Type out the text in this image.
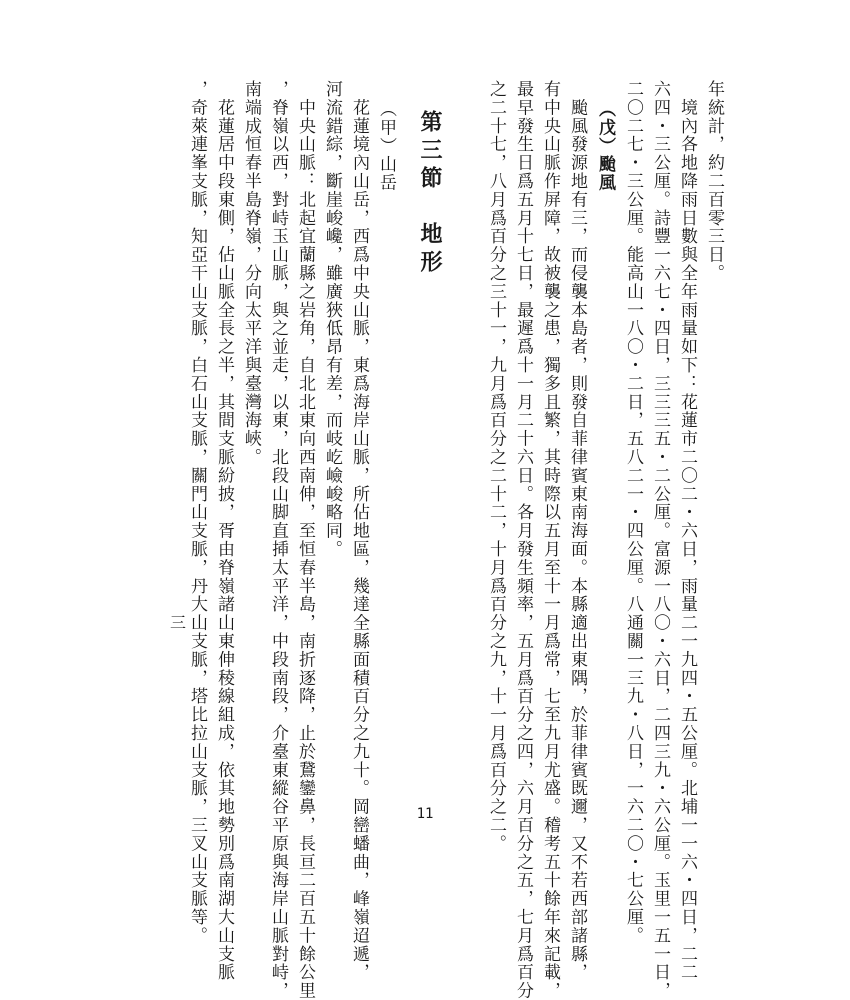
年統計，約二百零三日。
　境內各地降雨日數與全年雨量如下：花蓮市二〇二・六日，雨量二一九四・五公厘。北埔一一六・四日，二二
六四・三公厘。詩豐一六七・四日，三三三五・二公厘。富源一八〇・六日，二四三九・六公厘。玉里一五一日，
二〇二七・三公厘。能高山一八〇・二日，五八二一・四公厘。八通關一三九・八日，一六二〇・七公厘。
（戊）颱風
　颱風發源地有三，而侵襲本島者，則發自菲律賓東南海面。本縣適出東隅，於菲律賓既邇，又不若西部諸縣，
有中央山脈作屏障，故被襲之患，獨多且繁，其時際以五月至十一月爲常，七至九月尤盛。稽考五十餘年來記載，
最早發生日爲五月十七日，最遲爲十一月二十六日。各月發生頻率，五月爲百分之四，六月百分之五，七月爲百分
之二十七，八月爲百分之三十一，九月爲百分之二十二，十月爲百分之九，十一月爲百分之二。
第三節　地形
（甲）山岳
　花蓮境內山岳，西爲中央山脈，東爲海岸山脈，所佔地區，幾達全縣面積百分之九十。岡巒蟠曲，峰嶺迢遞，
河流錯綜，斷崖峻巉，雖廣狹低昂有差，而岐屹嶮峻略同。
　中央山脈：北起宜蘭縣之岩角，自北北東向西南伸，至恒春半島，南折逐降，止於鵞鑾鼻，長亘二百五十餘公里
，脊嶺以西，對峙玉山脈，與之並走，以東，北段山脚直揷太平洋，中段南段，介臺東縱谷平原與海岸山脈對峙，
南端成恒春半島脊嶺，分向太平洋與臺灣海峽。
　花蓮居中段東側，佔山脈全長之半，其間支脈紛披，胥由脊嶺諸山東伸稜線組成，依其地勢別爲南湖大山支脈
，奇萊連峯支脈，知亞干山支脈，白石山支脈，關門山支脈，丹大山支脈，塔比拉山支脈，三叉山支脈等。
三
11
